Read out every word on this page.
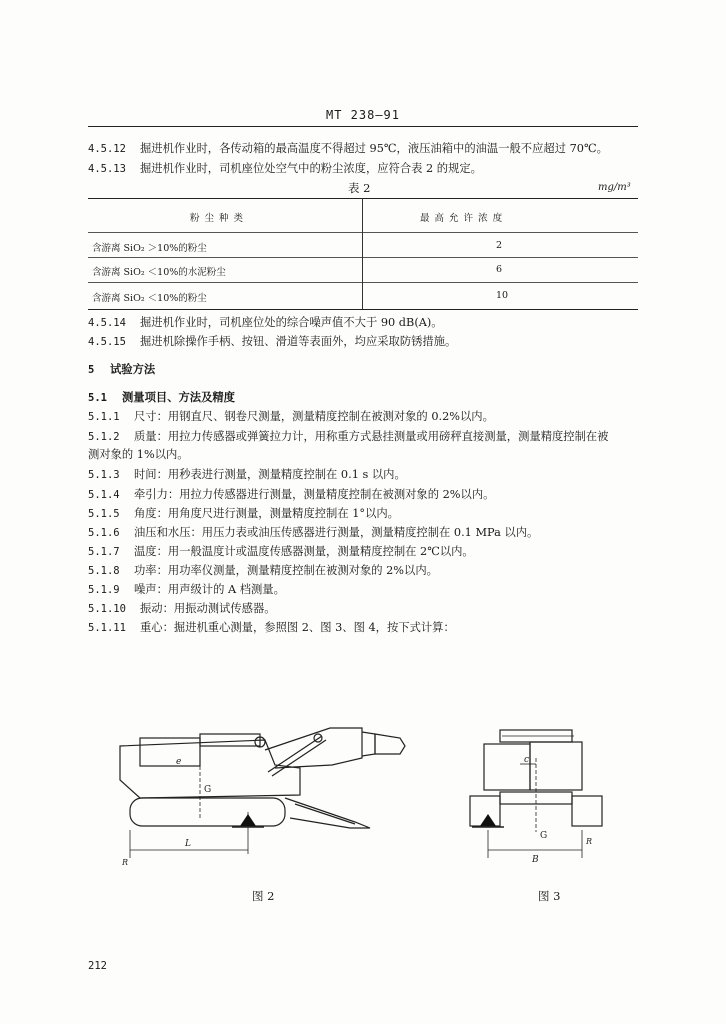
MT 238—91
4.5.12 掘进机作业时，各传动箱的最高温度不得超过 95℃，液压油箱中的油温一般不应超过 70℃。
4.5.13 掘进机作业时，司机座位处空气中的粉尘浓度，应符合表 2 的规定。
表 2	mg/m³
粉 尘 种 类	最 高 允 许 浓 度
含游离 SiO₂ ＞10%的粉尘	2
含游离 SiO₂ ＜10%的水泥粉尘	6
含游离 SiO₂ ＜10%的粉尘	10
4.5.14 掘进机作业时，司机座位处的综合噪声值不大于 90 dB(A)。
4.5.15 掘进机除操作手柄、按钮、滑道等表面外，均应采取防锈措施。
5 试验方法
5.1 测量项目、方法及精度
5.1.1 尺寸：用钢直尺、钢卷尺测量，测量精度控制在被测对象的 0.2%以内。
5.1.2 质量：用拉力传感器或弹簧拉力计，用称重方式悬挂测量或用磅秤直接测量，测量精度控制在被
测对象的 1%以内。
5.1.3 时间：用秒表进行测量，测量精度控制在 0.1 s 以内。
5.1.4 牵引力：用拉力传感器进行测量，测量精度控制在被测对象的 2%以内。
5.1.5 角度：用角度尺进行测量，测量精度控制在 1°以内。
5.1.6 油压和水压：用压力表或油压传感器进行测量，测量精度控制在 0.1 MPa 以内。
5.1.7 温度：用一般温度计或温度传感器测量，测量精度控制在 2℃以内。
5.1.8 功率：用功率仪测量，测量精度控制在被测对象的 2%以内。
5.1.9 噪声：用声级计的 A 档测量。
5.1.10 振动：用振动测试传感器。
5.1.11 重心：掘进机重心测量，参照图 2、图 3、图 4，按下式计算：
e
G
L
R
c
G
B
R
图 2	图 3
212
